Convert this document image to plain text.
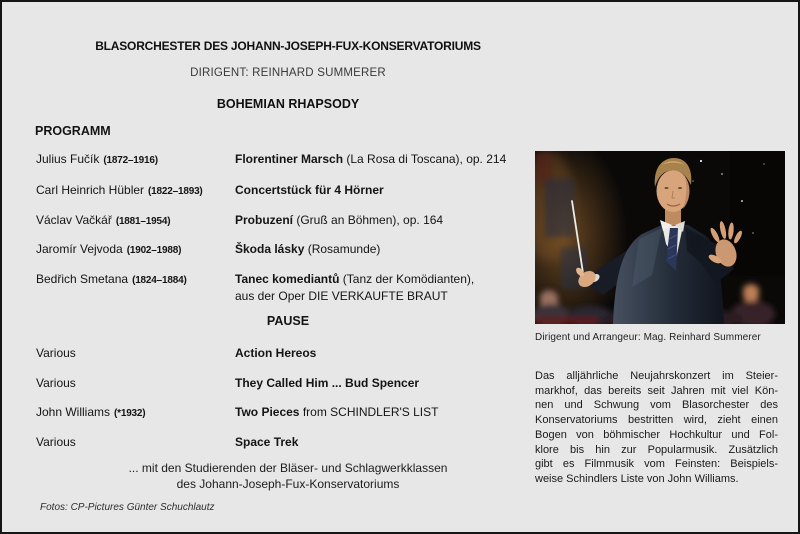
BLASORCHESTER DES JOHANN-JOSEPH-FUX-KONSERVATORIUMS
DIRIGENT: REINHARD SUMMERER
BOHEMIAN RHAPSODY
PROGRAMM
Julius Fučík (1872–1916)	Florentiner Marsch (La Rosa di Toscana), op. 214
Carl Heinrich Hübler (1822–1893)	Concertstück für 4 Hörner
Václav Vačkář (1881–1954)	Probuzení (Gruß an Böhmen), op. 164
Jaromír Vejvoda (1902–1988)	Škoda lásky (Rosamunde)
Bedřich Smetana (1824–1884)	Tanec komediantů (Tanz der Komödianten),
aus der Oper DIE VERKAUFTE BRAUT
PAUSE
Various	Action Hereos
Various	They Called Him ... Bud Spencer
John Williams (*1932)	Two Pieces from SCHINDLER'S LIST
Various	Space Trek
... mit den Studierenden der Bläser- und Schlagwerkklassen
des Johann-Joseph-Fux-Konservatoriums
Fotos: CP-Pictures Günter Schuchlautz
Dirigent und Arrangeur: Mag. Reinhard Summerer
Das alljährliche Neujahrskonzert im Steier-
markhof, das bereits seit Jahren mit viel Kön-
nen und Schwung vom Blasorchester des
Konservatoriums bestritten wird, zieht einen
Bogen von böhmischer Hochkultur und Fol-
klore bis hin zur Popularmusik. Zusätzlich
gibt es Filmmusik vom Feinsten: Beispiels-
weise Schindlers Liste von John Williams.
